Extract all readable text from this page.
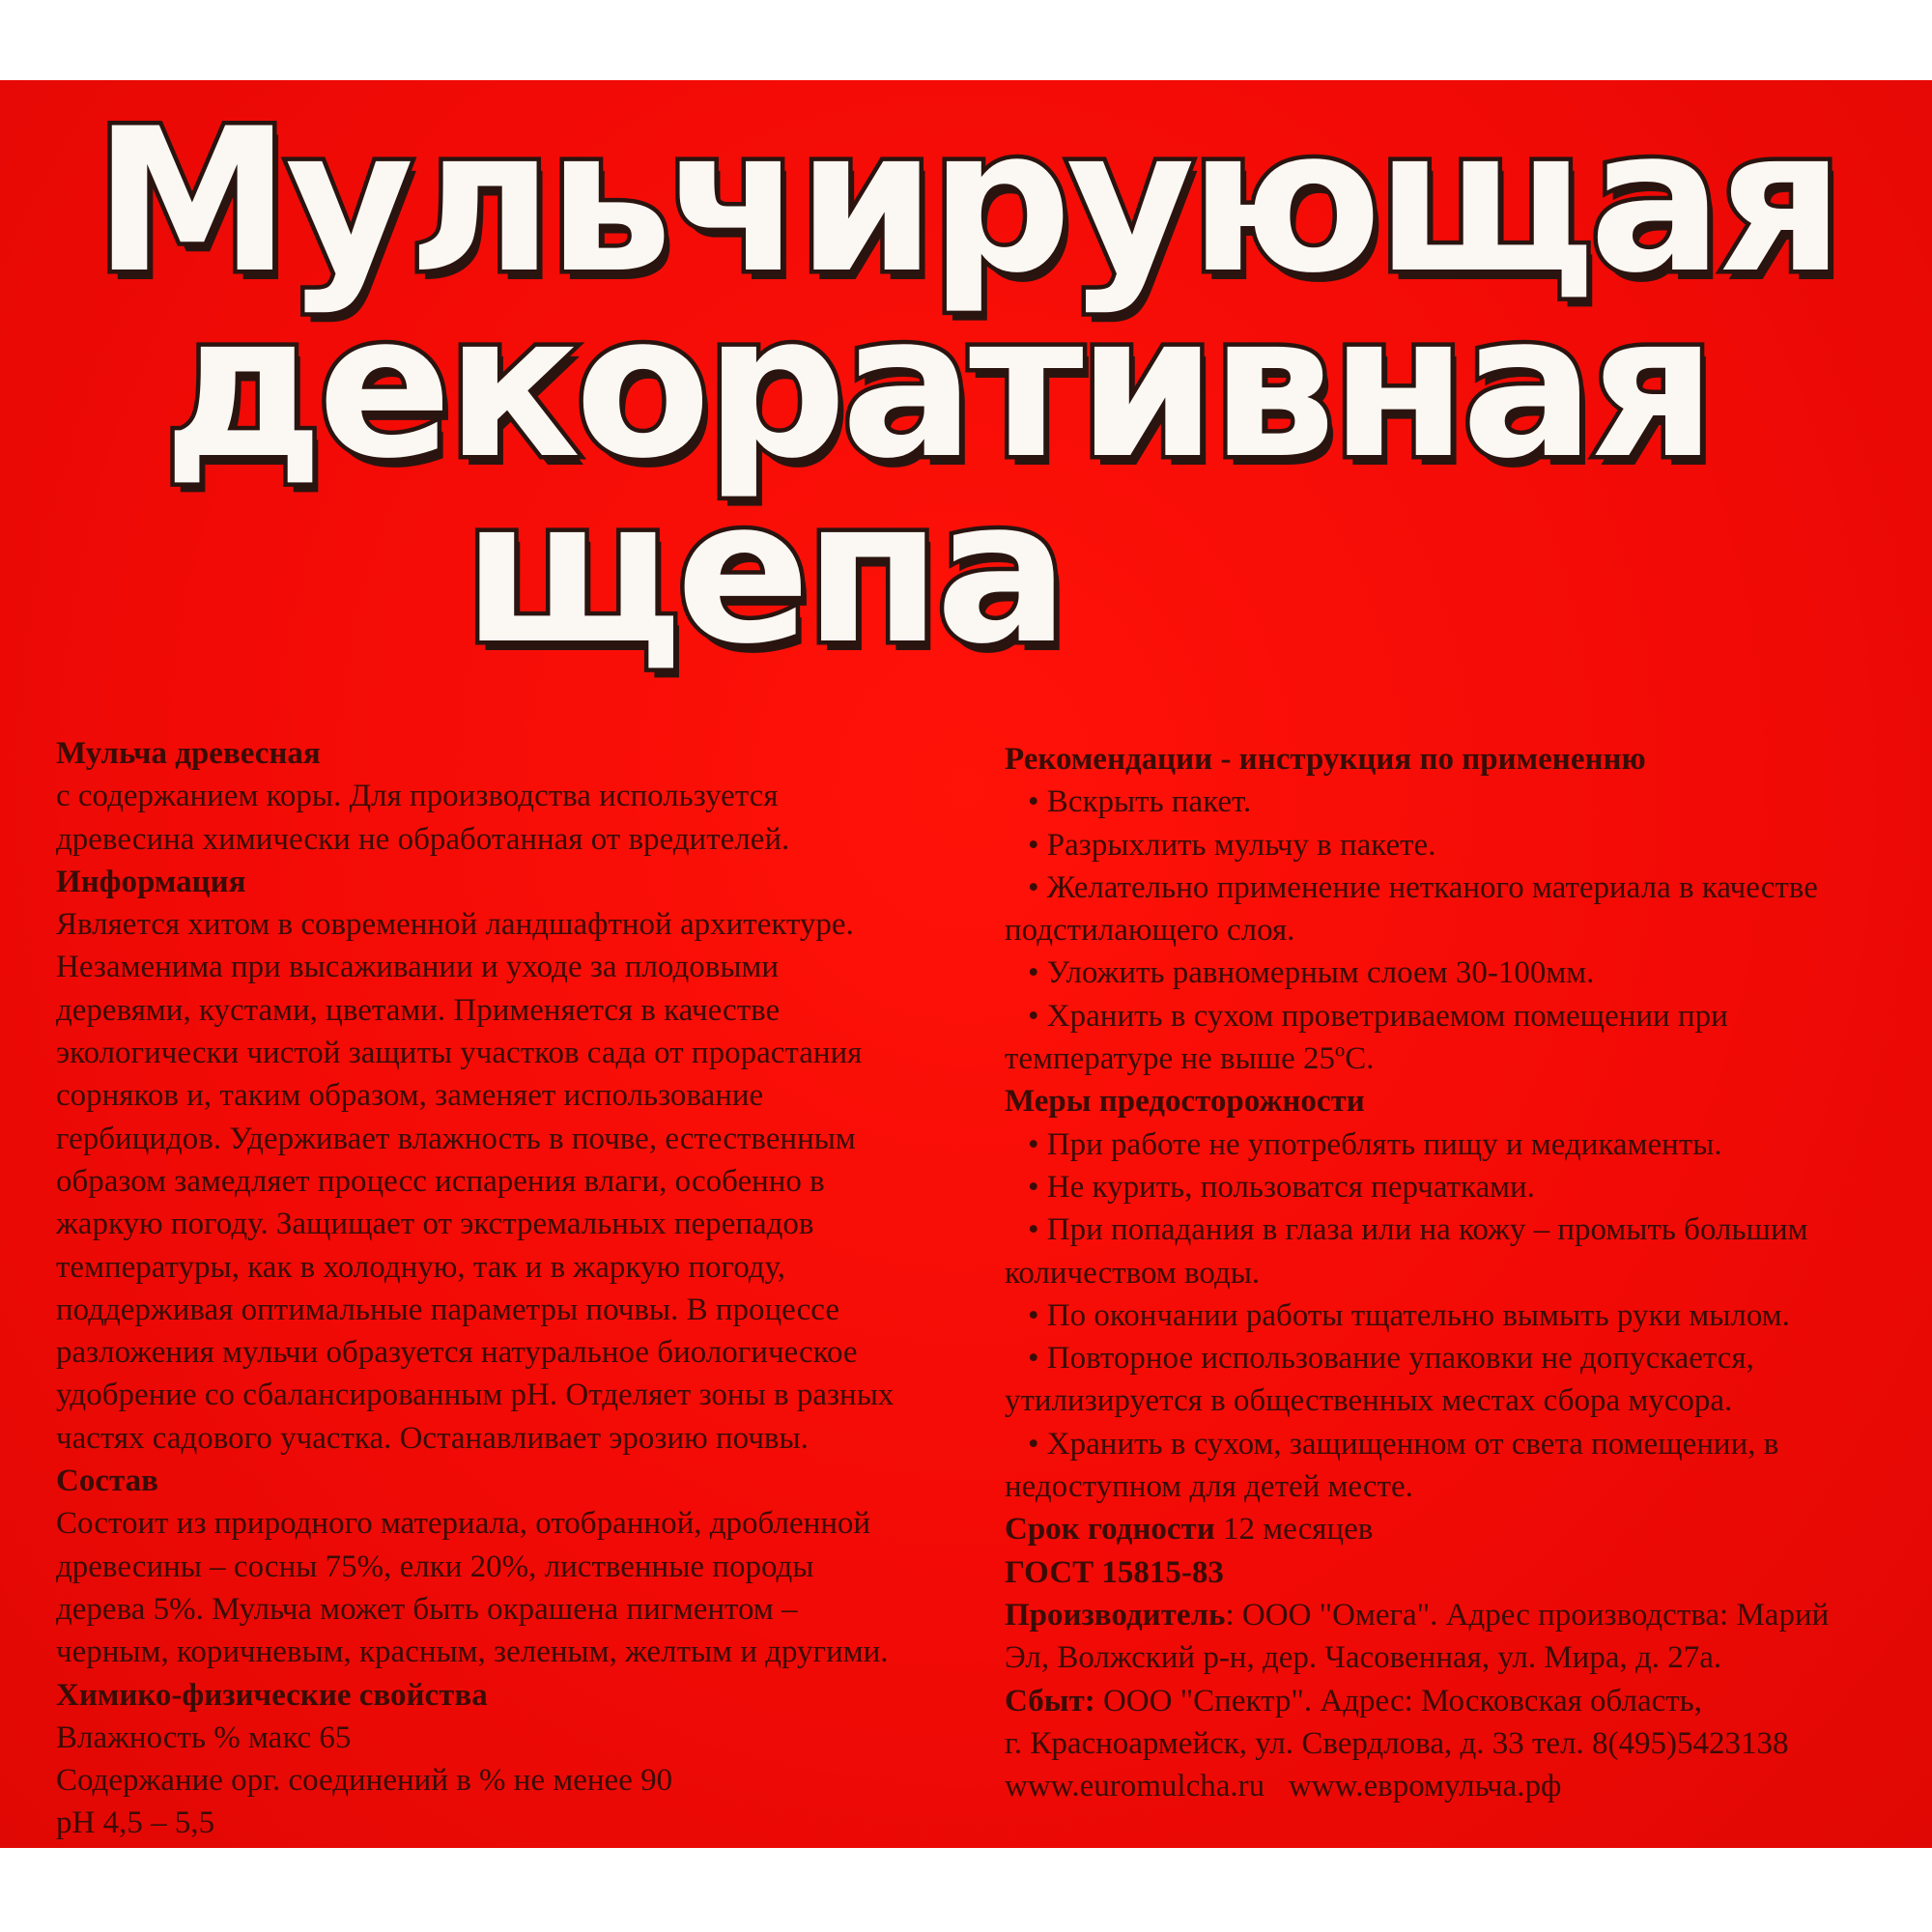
Мульчирующая
декоративная
щепа
Мульча древесная
с содержанием коры. Для производства используется
древесина химически не обработанная от вредителей.
Информация
Является хитом в современной ландшафтной архитектуре.
Незаменима при высаживании и уходе за плодовыми
деревями, кустами, цветами. Применяется в качестве
экологически чистой защиты участков сада от прорастания
сорняков и, таким образом, заменяет использование
гербицидов. Удерживает влажность в почве, естественным
образом замедляет процесс испарения влаги, особенно в
жаркую погоду. Защищает от экстремальных перепадов
температуры, как в холодную, так и в жаркую погоду,
поддерживая оптимальные параметры почвы. В процессе
разложения мульчи образуется натуральное биологическое
удобрение со сбалансированным pH. Отделяет зоны в разных
частях садового участка. Останавливает эрозию почвы.
Состав
Состоит из природного материала, отобранной, дробленной
древесины – сосны 75%, елки 20%, лиственные породы
дерева 5%. Мульча может быть окрашена пигментом –
черным, коричневым, красным, зеленым, желтым и другими.
Химико-физические свойства
Влажность % макс 65
Содержание орг. соединений в % не менее 90
pH 4,5 – 5,5
Рекомендации - инструкция по примененню
• Вскрыть пакет.
• Разрыхлить мульчу в пакете.
• Желательно применение нетканого материала в качестве
подстилающего слоя.
• Уложить равномерным слоем 30-100мм.
• Хранить в сухом проветриваемом помещении при
температуре не выше 25ºС.
Меры предосторожности
• При работе не употреблять пищу и медикаменты.
• Не курить, пользоватся перчатками.
• При попадания в глаза или на кожу – промыть большим
количеством воды.
• По окончании работы тщательно вымыть руки мылом.
• Повторное использование упаковки не допускается,
утилизируется в общественных местах сбора мусора.
• Хранить в сухом, защищенном от света помещении, в
недоступном для детей месте.
Срок годности 12 месяцев
ГОСТ 15815-83
Производитель: ООО "Омега". Адрес производства: Марий
Эл, Волжский р-н, дер. Часовенная, ул. Мира, д. 27а.
Сбыт: ООО "Спектр". Адрес: Московская область,
г. Красноармейск, ул. Свердлова, д. 33 тел. 8(495)5423138
www.euromulcha.ru www.евромульча.рф
